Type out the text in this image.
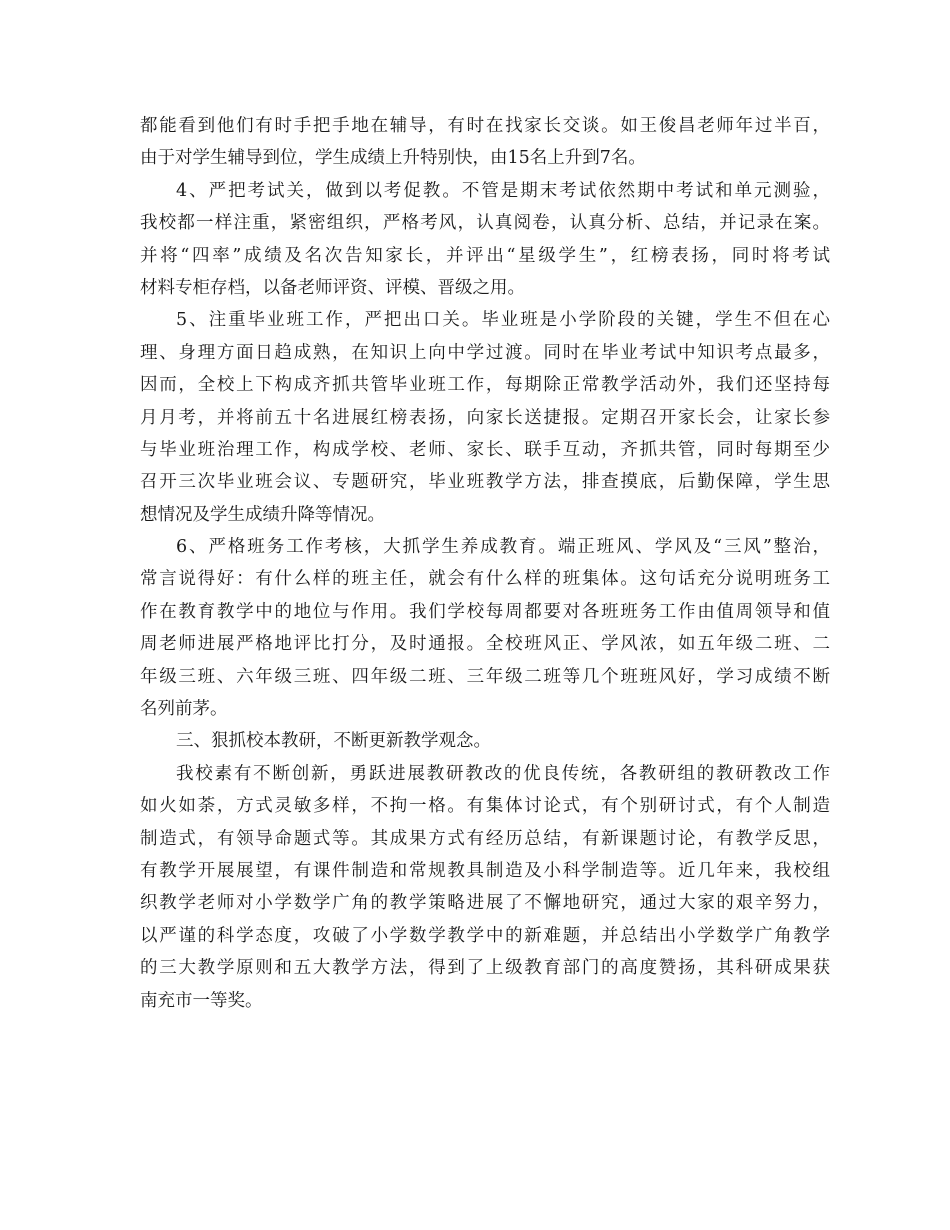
都能看到他们有时手把手地在辅导，有时在找家长交谈。如王俊昌老师年过半百，
由于对学生辅导到位，学生成绩上升特别快，由15名上升到7名。
4、严把考试关，做到以考促教。不管是期末考试依然期中考试和单元测验，
我校都一样注重，紧密组织，严格考风，认真阅卷，认真分析、总结，并记录在案。
并将“四率”成绩及名次告知家长，并评出“星级学生”，红榜表扬，同时将考试
材料专柜存档，以备老师评资、评模、晋级之用。
5、注重毕业班工作，严把出口关。毕业班是小学阶段的关键，学生不但在心
理、身理方面日趋成熟，在知识上向中学过渡。同时在毕业考试中知识考点最多，
因而，全校上下构成齐抓共管毕业班工作，每期除正常教学活动外，我们还坚持每
月月考，并将前五十名进展红榜表扬，向家长送捷报。定期召开家长会，让家长参
与毕业班治理工作，构成学校、老师、家长、联手互动，齐抓共管，同时每期至少
召开三次毕业班会议、专题研究，毕业班教学方法，排查摸底，后勤保障，学生思
想情况及学生成绩升降等情况。
6、严格班务工作考核，大抓学生养成教育。端正班风、学风及“三风”整治，
常言说得好：有什么样的班主任，就会有什么样的班集体。这句话充分说明班务工
作在教育教学中的地位与作用。我们学校每周都要对各班班务工作由值周领导和值
周老师进展严格地评比打分，及时通报。全校班风正、学风浓，如五年级二班、二
年级三班、六年级三班、四年级二班、三年级二班等几个班班风好，学习成绩不断
名列前茅。
三、狠抓校本教研，不断更新教学观念。
我校素有不断创新，勇跃进展教研教改的优良传统，各教研组的教研教改工作
如火如荼，方式灵敏多样，不拘一格。有集体讨论式，有个别研讨式，有个人制造
制造式，有领导命题式等。其成果方式有经历总结，有新课题讨论，有教学反思，
有教学开展展望，有课件制造和常规教具制造及小科学制造等。近几年来，我校组
织教学老师对小学数学广角的教学策略进展了不懈地研究，通过大家的艰辛努力，
以严谨的科学态度，攻破了小学数学教学中的新难题，并总结出小学数学广角教学
的三大教学原则和五大教学方法，得到了上级教育部门的高度赞扬，其科研成果获
南充市一等奖。
